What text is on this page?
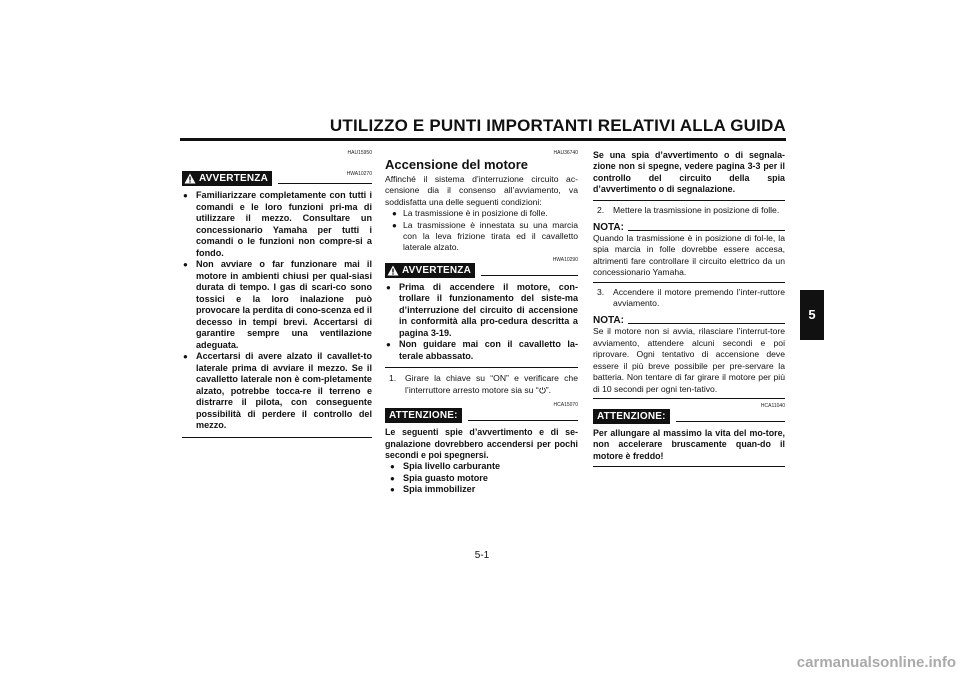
UTILIZZO E PUNTI IMPORTANTI RELATIVI ALLA GUIDA
5
HAU15950
AVVERTENZA	HWA10270
● Familiarizzare completamente con tutti i comandi e le loro funzioni pri-ma di utilizzare il mezzo. Consultare un concessionario Yamaha per tutti i comandi o le funzioni non compre-si a fondo.
● Non avviare o far funzionare mai il motore in ambienti chiusi per qual-siasi durata di tempo. I gas di scari-co sono tossici e la loro inalazione può provocare la perdita di cono-scenza ed il decesso in tempi brevi. Accertarsi di garantire sempre una ventilazione adeguata.
● Accertarsi di avere alzato il cavallet-to laterale prima di avviare il mezzo. Se il cavalletto laterale non è com-pletamente alzato, potrebbe tocca-re il terreno e distrarre il pilota, con conseguente possibilità di perdere il controllo del mezzo.
HAU36740
Accensione del motore

Affinché il sistema d’interruzione circuito ac-censione dia il consenso all’avviamento, va soddisfatta una delle seguenti condizioni:

● La trasmissione è in posizione di folle.
● La trasmissione è innestata su una marcia con la leva frizione tirata ed il cavalletto laterale alzato.
HWA10290
AVVERTENZA
● Prima di accendere il motore, con-trollare il funzionamento del siste-ma d’interruzione del circuito di accensione in conformità alla pro-cedura descritta a pagina 3-19.
● Non guidare mai con il cavalletto la-terale abbassato.
1.	Girare la chiave su “ON” e verificare che l’interruttore arresto motore sia su “ ”.
HCA15070
ATTENZIONE:

Le seguenti spie d’avvertimento e di se-gnalazione dovrebbero accendersi per pochi secondi e poi spegnersi.

● Spia livello carburante
● Spia guasto motore
● Spia immobilizer

Se una spia d’avvertimento o di segnala-zione non si spegne, vedere pagina 3-3 per il controllo del circuito della spia d’avvertimento o di segnalazione.

2.	Mettere la trasmissione in posizione di folle.
NOTA:

Quando la trasmissione è in posizione di fol-le, la spia marcia in folle dovrebbe essere accesa, altrimenti fare controllare il circuito elettrico da un concessionario Yamaha.

3.	Accendere il motore premendo l’inter-ruttore avviamento.
NOTA:

Se il motore non si avvia, rilasciare l’interrut-tore avviamento, attendere alcuni secondi e poi riprovare. Ogni tentativo di accensione deve essere il più breve possibile per pre-servare la batteria. Non tentare di far girare il motore per più di 10 secondi per ogni ten-tativo.

HCA11040
ATTENZIONE:

Per allungare al massimo la vita del mo-tore, non accelerare bruscamente quan-do il motore è freddo!

5-1
carmanualsonline.info
